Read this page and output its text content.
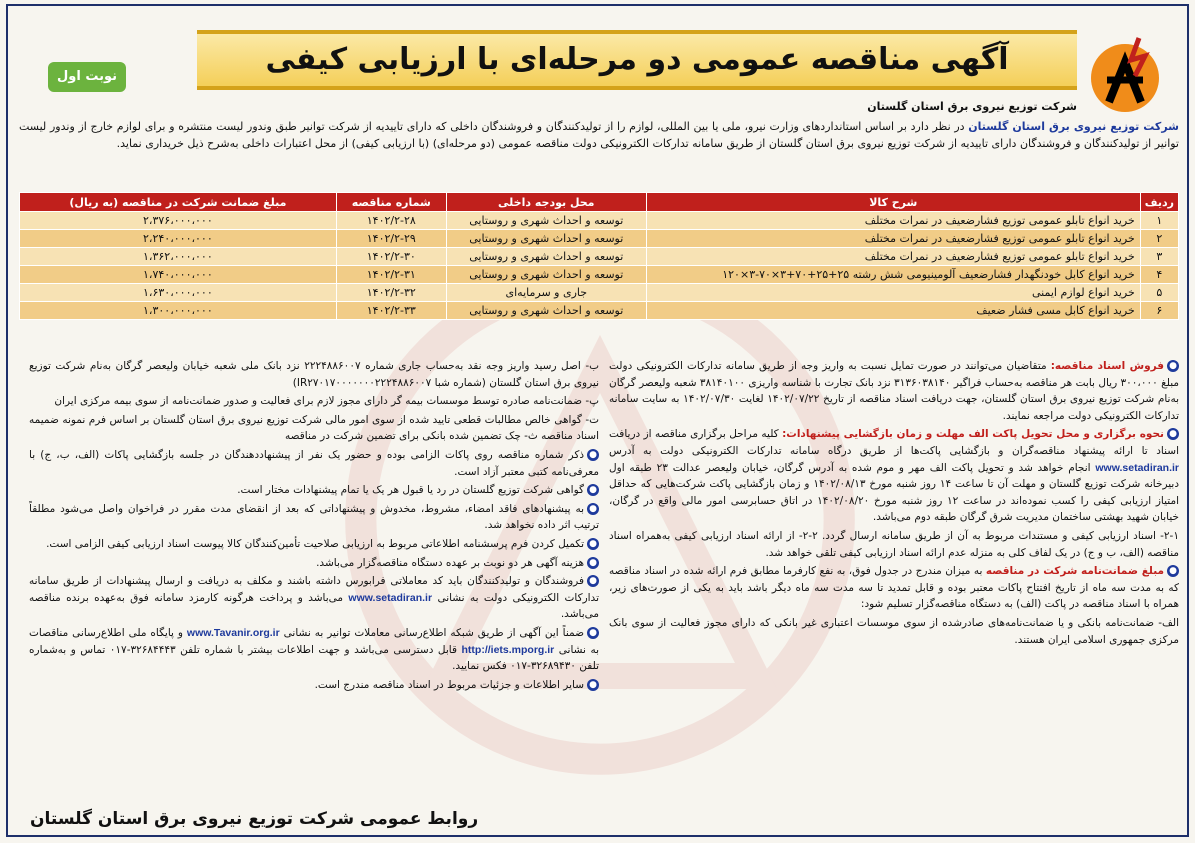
آگهی مناقصه عمومی دو مرحله‌ای با ارزیابی کیفی
نوبت اول
شرکت توزیع نیروی برق استان گلستان
شرکت توزیع نیروی برق استان گلستان در نظر دارد بر اساس استانداردهای وزارت نیرو، ملی یا بین المللی، لوازم را از تولیدکنندگان و فروشندگان داخلی که دارای تاییدیه از شرکت توانیر طبق وندور لیست منتشره و برای لوازم خارج از وندور لیست توانیر از تولیدکنندگان و فروشندگان دارای تاییدیه از شرکت توزیع نیروی برق استان گلستان از طریق سامانه تدارکات الکترونیکی دولت مناقصه عمومی (دو مرحله‌ای) (با ارزیابی کیفی) از محل اعتبارات داخلی به‌شرح ذیل خریداری نماید.
ردیف	شرح کالا	محل بودجه داخلی	شماره مناقصه	مبلغ ضمانت شرکت در مناقصه (به ریال)
۱	خرید انواع تابلو عمومی توزیع فشارضعیف در نمرات مختلف	توسعه و احداث شهری و روستایی	۱۴۰۲/۲-۲۸	۲،۳۷۶،۰۰۰،۰۰۰
۲	خرید انواع تابلو عمومی توزیع فشارضعیف در نمرات مختلف	توسعه و احداث شهری و روستایی	۱۴۰۲/۲-۲۹	۲،۲۴۰،۰۰۰،۰۰۰
۳	خرید انواع تابلو عمومی توزیع فشارضعیف در نمرات مختلف	توسعه و احداث شهری و روستایی	۱۴۰۲/۲-۳۰	۱،۳۶۲،۰۰۰،۰۰۰
۴	خرید انواع کابل خودنگهدار فشارضعیف آلومینیومی شش رشته ۲۵+۲۵+۷۰+۳×۷۰-۳×۱۲۰	توسعه و احداث شهری و روستایی	۱۴۰۲/۲-۳۱	۱،۷۴۰،۰۰۰،۰۰۰
۵	خرید انواع لوازم ایمنی	جاری و سرمایه‌ای	۱۴۰۲/۲-۳۲	۱،۶۳۰،۰۰۰،۰۰۰
۶	خرید انواع کابل مسی فشار ضعیف	توسعه و احداث شهری و روستایی	۱۴۰۲/۲-۳۳	۱،۳۰۰،۰۰۰،۰۰۰

●فروش اسناد مناقصه: متقاضیان می‌توانند در صورت تمایل نسبت به واریز وجه از طریق سامانه تدارکات الکترونیکی دولت مبلغ ۳۰۰،۰۰۰ ریال بابت هر مناقصه به‌حساب فراگیر ۳۱۳۶۰۳۸۱۴۰ نزد بانک تجارت با شناسه واریزی ۳۸۱۴۰۱۰۰ شعبه ولیعصر گرگان به‌نام شرکت توزیع نیروی برق استان گلستان، جهت دریافت اسناد مناقصه از تاریخ ۱۴۰۲/۰۷/۲۲ لغایت ۱۴۰۲/۰۷/۳۰ به سایت سامانه تدارکات الکترونیکی دولت مراجعه نمایند.

●نحوه برگزاری و محل تحویل پاکت الف مهلت و زمان بازگشایی پیشنهادات: کلیه مراحل برگزاری مناقصه از دریافت اسناد تا ارائه پیشنهاد مناقصه‌گران و بازگشایی پاکت‌ها از طریق درگاه سامانه تدارکات الکترونیکی دولت به آدرس www.setadiran.ir انجام خواهد شد و تحویل پاکت الف مهر و موم شده به آدرس گرگان، خیابان ولیعصر عدالت ۲۳ طبقه اول دبیرخانه شرکت توزیع گلستان و مهلت آن تا ساعت ۱۴ روز شنبه مورخ ۱۴۰۲/۰۸/۱۳ و زمان بازگشایی پاکت شرکت‌هایی که حداقل امتیاز ارزیابی کیفی را کسب نموده‌اند در ساعت ۱۲ روز شنبه مورخ ۱۴۰۲/۰۸/۲۰ در اتاق حسابرسی امور مالی واقع در گرگان، خیابان شهید بهشتی ساختمان مدیریت شرق گرگان طبقه دوم می‌باشد.

۲-۱- اسناد ارزیابی کیفی و مستندات مربوط به آن از طریق سامانه ارسال گردد. ۲-۲- از ارائه اسناد ارزیابی کیفی به‌همراه اسناد مناقصه (الف، ب و ج) در یک لفاف کلی به منزله عدم ارائه اسناد ارزیابی کیفی تلقی خواهد شد.

●مبلغ ضمانت‌نامه شرکت در مناقصه به میزان مندرج در جدول فوق، به نفع کارفرما مطابق فرم ارائه شده در اسناد مناقصه که به مدت سه ماه از تاریخ افتتاح پاکات معتبر بوده و قابل تمدید تا سه مدت سه ماه دیگر باشد باید به یکی از صورت‌های زیر، همراه با اسناد مناقصه در پاکت (الف) به دستگاه مناقصه‌گزار تسلیم شود:

الف- ضمانت‌نامه بانکی و یا ضمانت‌نامه‌های صادرشده از سوی موسسات اعتباری غیر بانکی که دارای مجوز فعالیت از سوی بانک مرکزی جمهوری اسلامی ایران هستند.

ب- اصل رسید واریز وجه نقد به‌حساب جاری شماره ۲۲۲۴۸۸۶۰۰۷ نزد بانک ملی شعبه خیابان ولیعصر گرگان به‌نام شرکت توزیع نیروی برق استان گلستان (شماره شبا IR۲۷۰۱۷۰۰۰۰۰۰۰۲۲۲۴۸۸۶۰۰۷)

پ- ضمانت‌نامه صادره توسط موسسات بیمه گر دارای مجوز لازم برای فعالیت و صدور ضمانت‌نامه از سوی بیمه مرکزی ایران

ت- گواهی خالص مطالبات قطعی تایید شده از سوی امور مالی شرکت توزیع نیروی برق استان گلستان بر اساس فرم نمونه ضمیمه اسناد مناقصه ث- چک تضمین شده بانکی برای تضمین شرکت در مناقصه

●ذکر شماره مناقصه روی پاکات الزامی بوده و حضور یک نفر از پیشنهاددهندگان در جلسه بازگشایی پاکات (الف، ب، ج) با معرفی‌نامه کتبی معتبر آزاد است.

●گواهی شرکت توزیع گلستان در رد یا قبول هر یک یا تمام پیشنهادات مختار است.

●به پیشنهادهای فاقد امضاء، مشروط، مخدوش و پیشنهاداتی که بعد از انقضای مدت مقرر در فراخوان واصل می‌شود مطلقاً ترتیب اثر داده نخواهد شد.

●تکمیل کردن فرم پرسشنامه اطلاعاتی مربوط به ارزیابی صلاحیت تأمین‌کنندگان کالا پیوست اسناد ارزیابی کیفی الزامی است.

●هزینه آگهی هر دو نوبت بر عهده دستگاه مناقصه‌گزار می‌باشد.

●فروشندگان و تولیدکنندگان باید کد معاملاتی فرابورس داشته باشند و مکلف به دریافت و ارسال پیشنهادات از طریق سامانه تدارکات الکترونیکی دولت به نشانی www.setadiran.ir می‌باشد و پرداخت هرگونه کارمزد سامانه فوق به‌عهده برنده مناقصه می‌باشد.

●ضمناً این آگهی از طریق شبکه اطلاع‌رسانی معاملات توانیر به نشانی www.Tavanir.org.ir و پایگاه ملی اطلاع‌رسانی مناقصات به نشانی http://iets.mporg.ir قابل دسترسی می‌باشد و جهت اطلاعات بیشتر با شماره تلفن ۳۲۶۸۴۴۴۳-۰۱۷ تماس و به‌شماره تلفن ۳۲۶۸۹۴۳۰-۰۱۷ فکس نمایید.

●سایر اطلاعات و جزئیات مربوط در اسناد مناقصه مندرج است.

روابط عمومی شرکت توزیع نیروی برق استان گلستان
